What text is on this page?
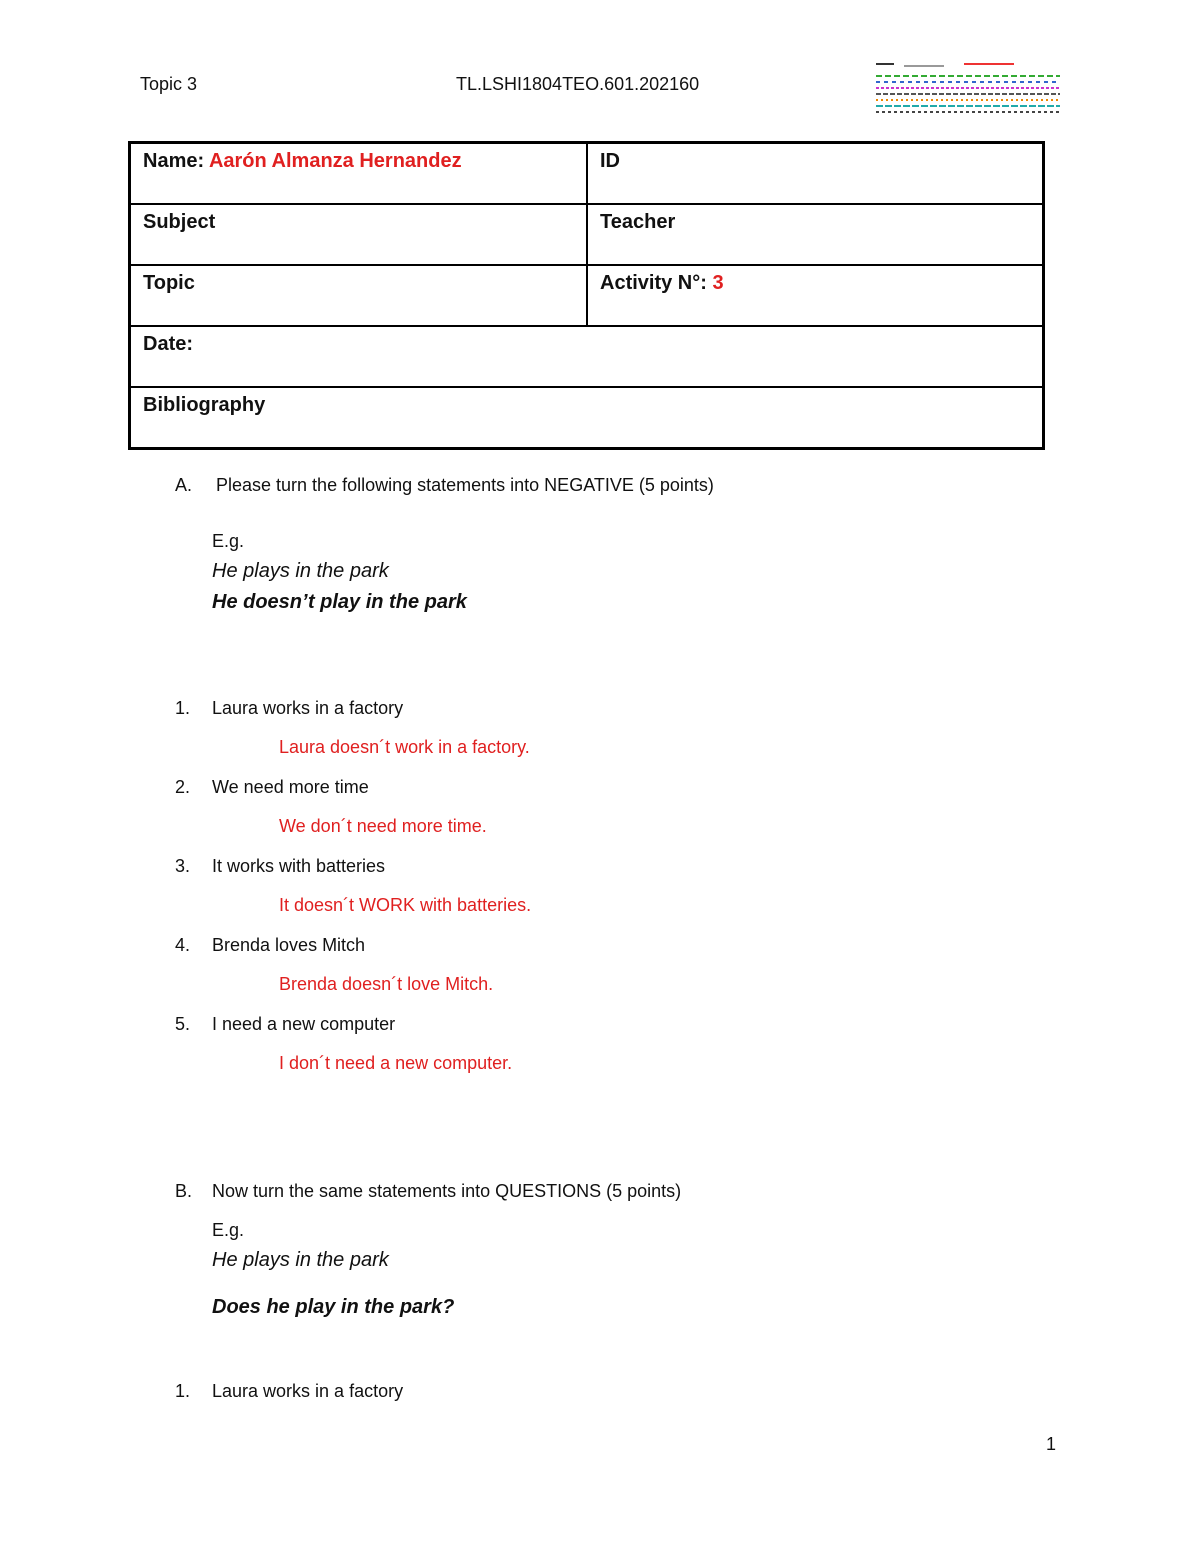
Topic 3	TL.LSHI1804TEO.601.202160
Name: Aarón Almanza Hernandez	ID
Subject	Teacher
Topic	Activity N°: 3
Date:	
Bibliography	
A. Please turn the following statements into NEGATIVE (5 points)
E.g.
He plays in the park
He doesn’t play in the park
1. Laura works in a factory
Laura doesn´t work in a factory.
2. We need more time
We don´t need more time.
3. It works with batteries
It doesn´t WORK with batteries.
4. Brenda loves Mitch
Brenda doesn´t love Mitch.
5. I need a new computer
I don´t need a new computer.
B. Now turn the same statements into QUESTIONS (5 points)
E.g.
He plays in the park
Does he play in the park?
1. Laura works in a factory
1
